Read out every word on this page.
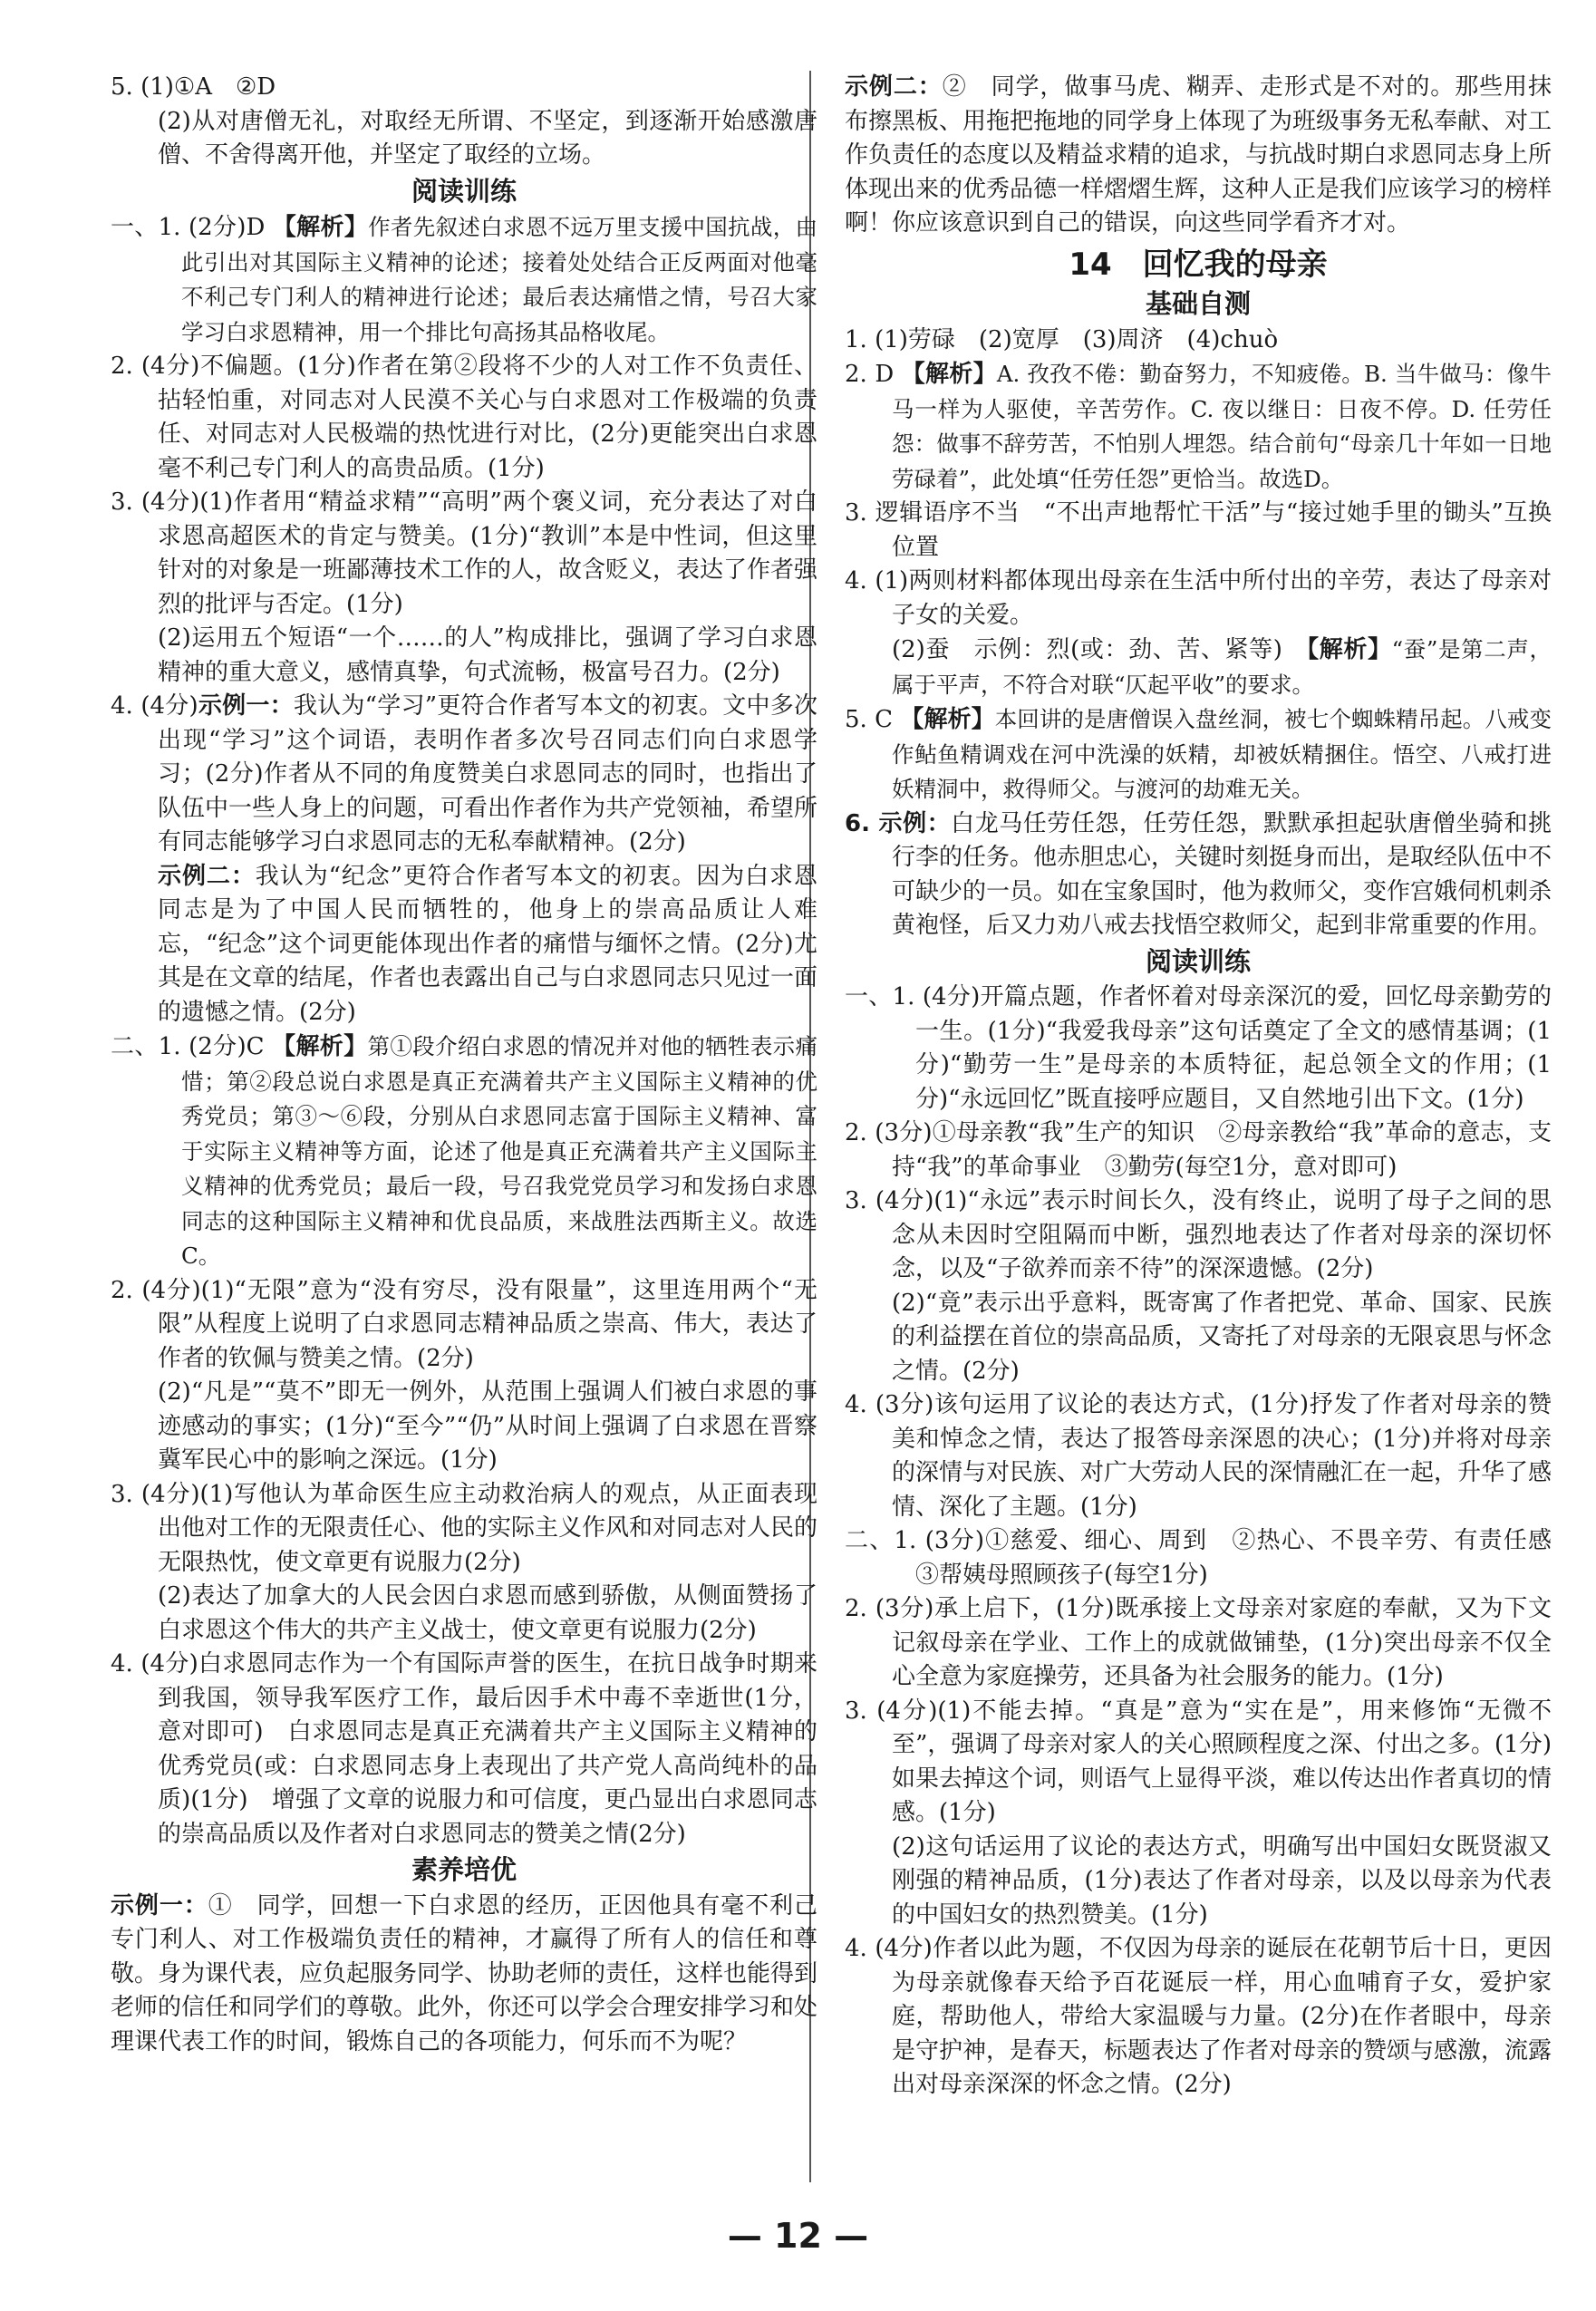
5. (1)①A　②D

(2)从对唐僧无礼，对取经无所谓、不坚定，到逐渐开始感激唐僧、不舍得离开他，并坚定了取经的立场。

阅读训练

一、1. (2分)D 【解析】作者先叙述白求恩不远万里支援中国抗战，由此引出对其国际主义精神的论述；接着处处结合正反两面对他毫不利己专门利人的精神进行论述；最后表达痛惜之情，号召大家学习白求恩精神，用一个排比句高扬其品格收尾。

2. (4分)不偏题。(1分)作者在第②段将不少的人对工作不负责任、拈轻怕重，对同志对人民漠不关心与白求恩对工作极端的负责任、对同志对人民极端的热忱进行对比，(2分)更能突出白求恩毫不利己专门利人的高贵品质。(1分)

3. (4分)(1)作者用“精益求精”“高明”两个褒义词，充分表达了对白求恩高超医术的肯定与赞美。(1分)“教训”本是中性词，但这里针对的对象是一班鄙薄技术工作的人，故含贬义，表达了作者强烈的批评与否定。(1分)

(2)运用五个短语“一个……的人”构成排比，强调了学习白求恩精神的重大意义，感情真挚，句式流畅，极富号召力。(2分)

4. (4分)示例一：我认为“学习”更符合作者写本文的初衷。文中多次出现“学习”这个词语，表明作者多次号召同志们向白求恩学习；(2分)作者从不同的角度赞美白求恩同志的同时，也指出了队伍中一些人身上的问题，可看出作者作为共产党领袖，希望所有同志能够学习白求恩同志的无私奉献精神。(2分)

示例二：我认为“纪念”更符合作者写本文的初衷。因为白求恩同志是为了中国人民而牺牲的，他身上的崇高品质让人难忘，“纪念”这个词更能体现出作者的痛惜与缅怀之情。(2分)尤其是在文章的结尾，作者也表露出自己与白求恩同志只见过一面的遗憾之情。(2分)

二、1. (2分)C 【解析】第①段介绍白求恩的情况并对他的牺牲表示痛惜；第②段总说白求恩是真正充满着共产主义国际主义精神的优秀党员；第③～⑥段，分别从白求恩同志富于国际主义精神、富于实际主义精神等方面，论述了他是真正充满着共产主义国际主义精神的优秀党员；最后一段，号召我党党员学习和发扬白求恩同志的这种国际主义精神和优良品质，来战胜法西斯主义。故选C。

2. (4分)(1)“无限”意为“没有穷尽，没有限量”，这里连用两个“无限”从程度上说明了白求恩同志精神品质之崇高、伟大，表达了作者的钦佩与赞美之情。(2分)

(2)“凡是”“莫不”即无一例外，从范围上强调人们被白求恩的事迹感动的事实；(1分)“至今”“仍”从时间上强调了白求恩在晋察冀军民心中的影响之深远。(1分)

3. (4分)(1)写他认为革命医生应主动救治病人的观点，从正面表现出他对工作的无限责任心、他的实际主义作风和对同志对人民的无限热忱，使文章更有说服力(2分)

(2)表达了加拿大的人民会因白求恩而感到骄傲，从侧面赞扬了白求恩这个伟大的共产主义战士，使文章更有说服力(2分)

4. (4分)白求恩同志作为一个有国际声誉的医生，在抗日战争时期来到我国，领导我军医疗工作，最后因手术中毒不幸逝世(1分，意对即可)　白求恩同志是真正充满着共产主义国际主义精神的优秀党员(或：白求恩同志身上表现出了共产党人高尚纯朴的品质)(1分)　增强了文章的说服力和可信度，更凸显出白求恩同志的崇高品质以及作者对白求恩同志的赞美之情(2分)

素养培优

示例一：①　同学，回想一下白求恩的经历，正因他具有毫不利己专门利人、对工作极端负责任的精神，才赢得了所有人的信任和尊敬。身为课代表，应负起服务同学、协助老师的责任，这样也能得到老师的信任和同学们的尊敬。此外，你还可以学会合理安排学习和处理课代表工作的时间，锻炼自己的各项能力，何乐而不为呢？

示例二：②　同学，做事马虎、糊弄、走形式是不对的。那些用抹布擦黑板、用拖把拖地的同学身上体现了为班级事务无私奉献、对工作负责任的态度以及精益求精的追求，与抗战时期白求恩同志身上所体现出来的优秀品德一样熠熠生辉，这种人正是我们应该学习的榜样啊！你应该意识到自己的错误，向这些同学看齐才对。

14　回忆我的母亲
基础自测

1. (1)劳碌　(2)宽厚　(3)周济　(4)chuò

2. D 【解析】A. 孜孜不倦：勤奋努力，不知疲倦。B. 当牛做马：像牛马一样为人驱使，辛苦劳作。C. 夜以继日：日夜不停。D. 任劳任怨：做事不辞劳苦，不怕别人埋怨。结合前句“母亲几十年如一日地劳碌着”，此处填“任劳任怨”更恰当。故选D。

3. 逻辑语序不当　“不出声地帮忙干活”与“接过她手里的锄头”互换位置

4. (1)两则材料都体现出母亲在生活中所付出的辛劳，表达了母亲对子女的关爱。

(2)蚕　示例：烈(或：劲、苦、紧等)　 【解析】“蚕”是第二声，属于平声，不符合对联“仄起平收”的要求。

5. C 【解析】本回讲的是唐僧误入盘丝洞，被七个蜘蛛精吊起。八戒变作鲇鱼精调戏在河中洗澡的妖精，却被妖精捆住。悟空、八戒打进妖精洞中，救得师父。与渡河的劫难无关。

6. 示例：白龙马任劳任怨，任劳任怨，默默承担起驮唐僧坐骑和挑行李的任务。他赤胆忠心，关键时刻挺身而出，是取经队伍中不可缺少的一员。如在宝象国时，他为救师父，变作宫娥伺机刺杀黄袍怪，后又力劝八戒去找悟空救师父，起到非常重要的作用。

阅读训练

一、1. (4分)开篇点题，作者怀着对母亲深沉的爱，回忆母亲勤劳的一生。(1分)“我爱我母亲”这句话奠定了全文的感情基调；(1分)“勤劳一生”是母亲的本质特征，起总领全文的作用；(1分)“永远回忆”既直接呼应题目，又自然地引出下文。(1分)

2. (3分)①母亲教“我”生产的知识　②母亲教给“我”革命的意志，支持“我”的革命事业　③勤劳(每空1分，意对即可)

3. (4分)(1)“永远”表示时间长久，没有终止，说明了母子之间的思念从未因时空阻隔而中断，强烈地表达了作者对母亲的深切怀念，以及“子欲养而亲不待”的深深遗憾。(2分)

(2)“竟”表示出乎意料，既寄寓了作者把党、革命、国家、民族的利益摆在首位的崇高品质，又寄托了对母亲的无限哀思与怀念之情。(2分)

4. (3分)该句运用了议论的表达方式，(1分)抒发了作者对母亲的赞美和悼念之情，表达了报答母亲深恩的决心；(1分)并将对母亲的深情与对民族、对广大劳动人民的深情融汇在一起，升华了感情、深化了主题。(1分)

二、1. (3分)①慈爱、细心、周到　②热心、不畏辛劳、有责任感　③帮姨母照顾孩子(每空1分)

2. (3分)承上启下，(1分)既承接上文母亲对家庭的奉献，又为下文记叙母亲在学业、工作上的成就做铺垫，(1分)突出母亲不仅全心全意为家庭操劳，还具备为社会服务的能力。(1分)

3. (4分)(1)不能去掉。“真是”意为“实在是”，用来修饰“无微不至”，强调了母亲对家人的关心照顾程度之深、付出之多。(1分)如果去掉这个词，则语气上显得平淡，难以传达出作者真切的情感。(1分)

(2)这句话运用了议论的表达方式，明确写出中国妇女既贤淑又刚强的精神品质，(1分)表达了作者对母亲，以及以母亲为代表的中国妇女的热烈赞美。(1分)

4. (4分)作者以此为题，不仅因为母亲的诞辰在花朝节后十日，更因为母亲就像春天给予百花诞辰一样，用心血哺育子女，爱护家庭，帮助他人，带给大家温暖与力量。(2分)在作者眼中，母亲是守护神，是春天，标题表达了作者对母亲的赞颂与感激，流露出对母亲深深的怀念之情。(2分)

— 12 —
